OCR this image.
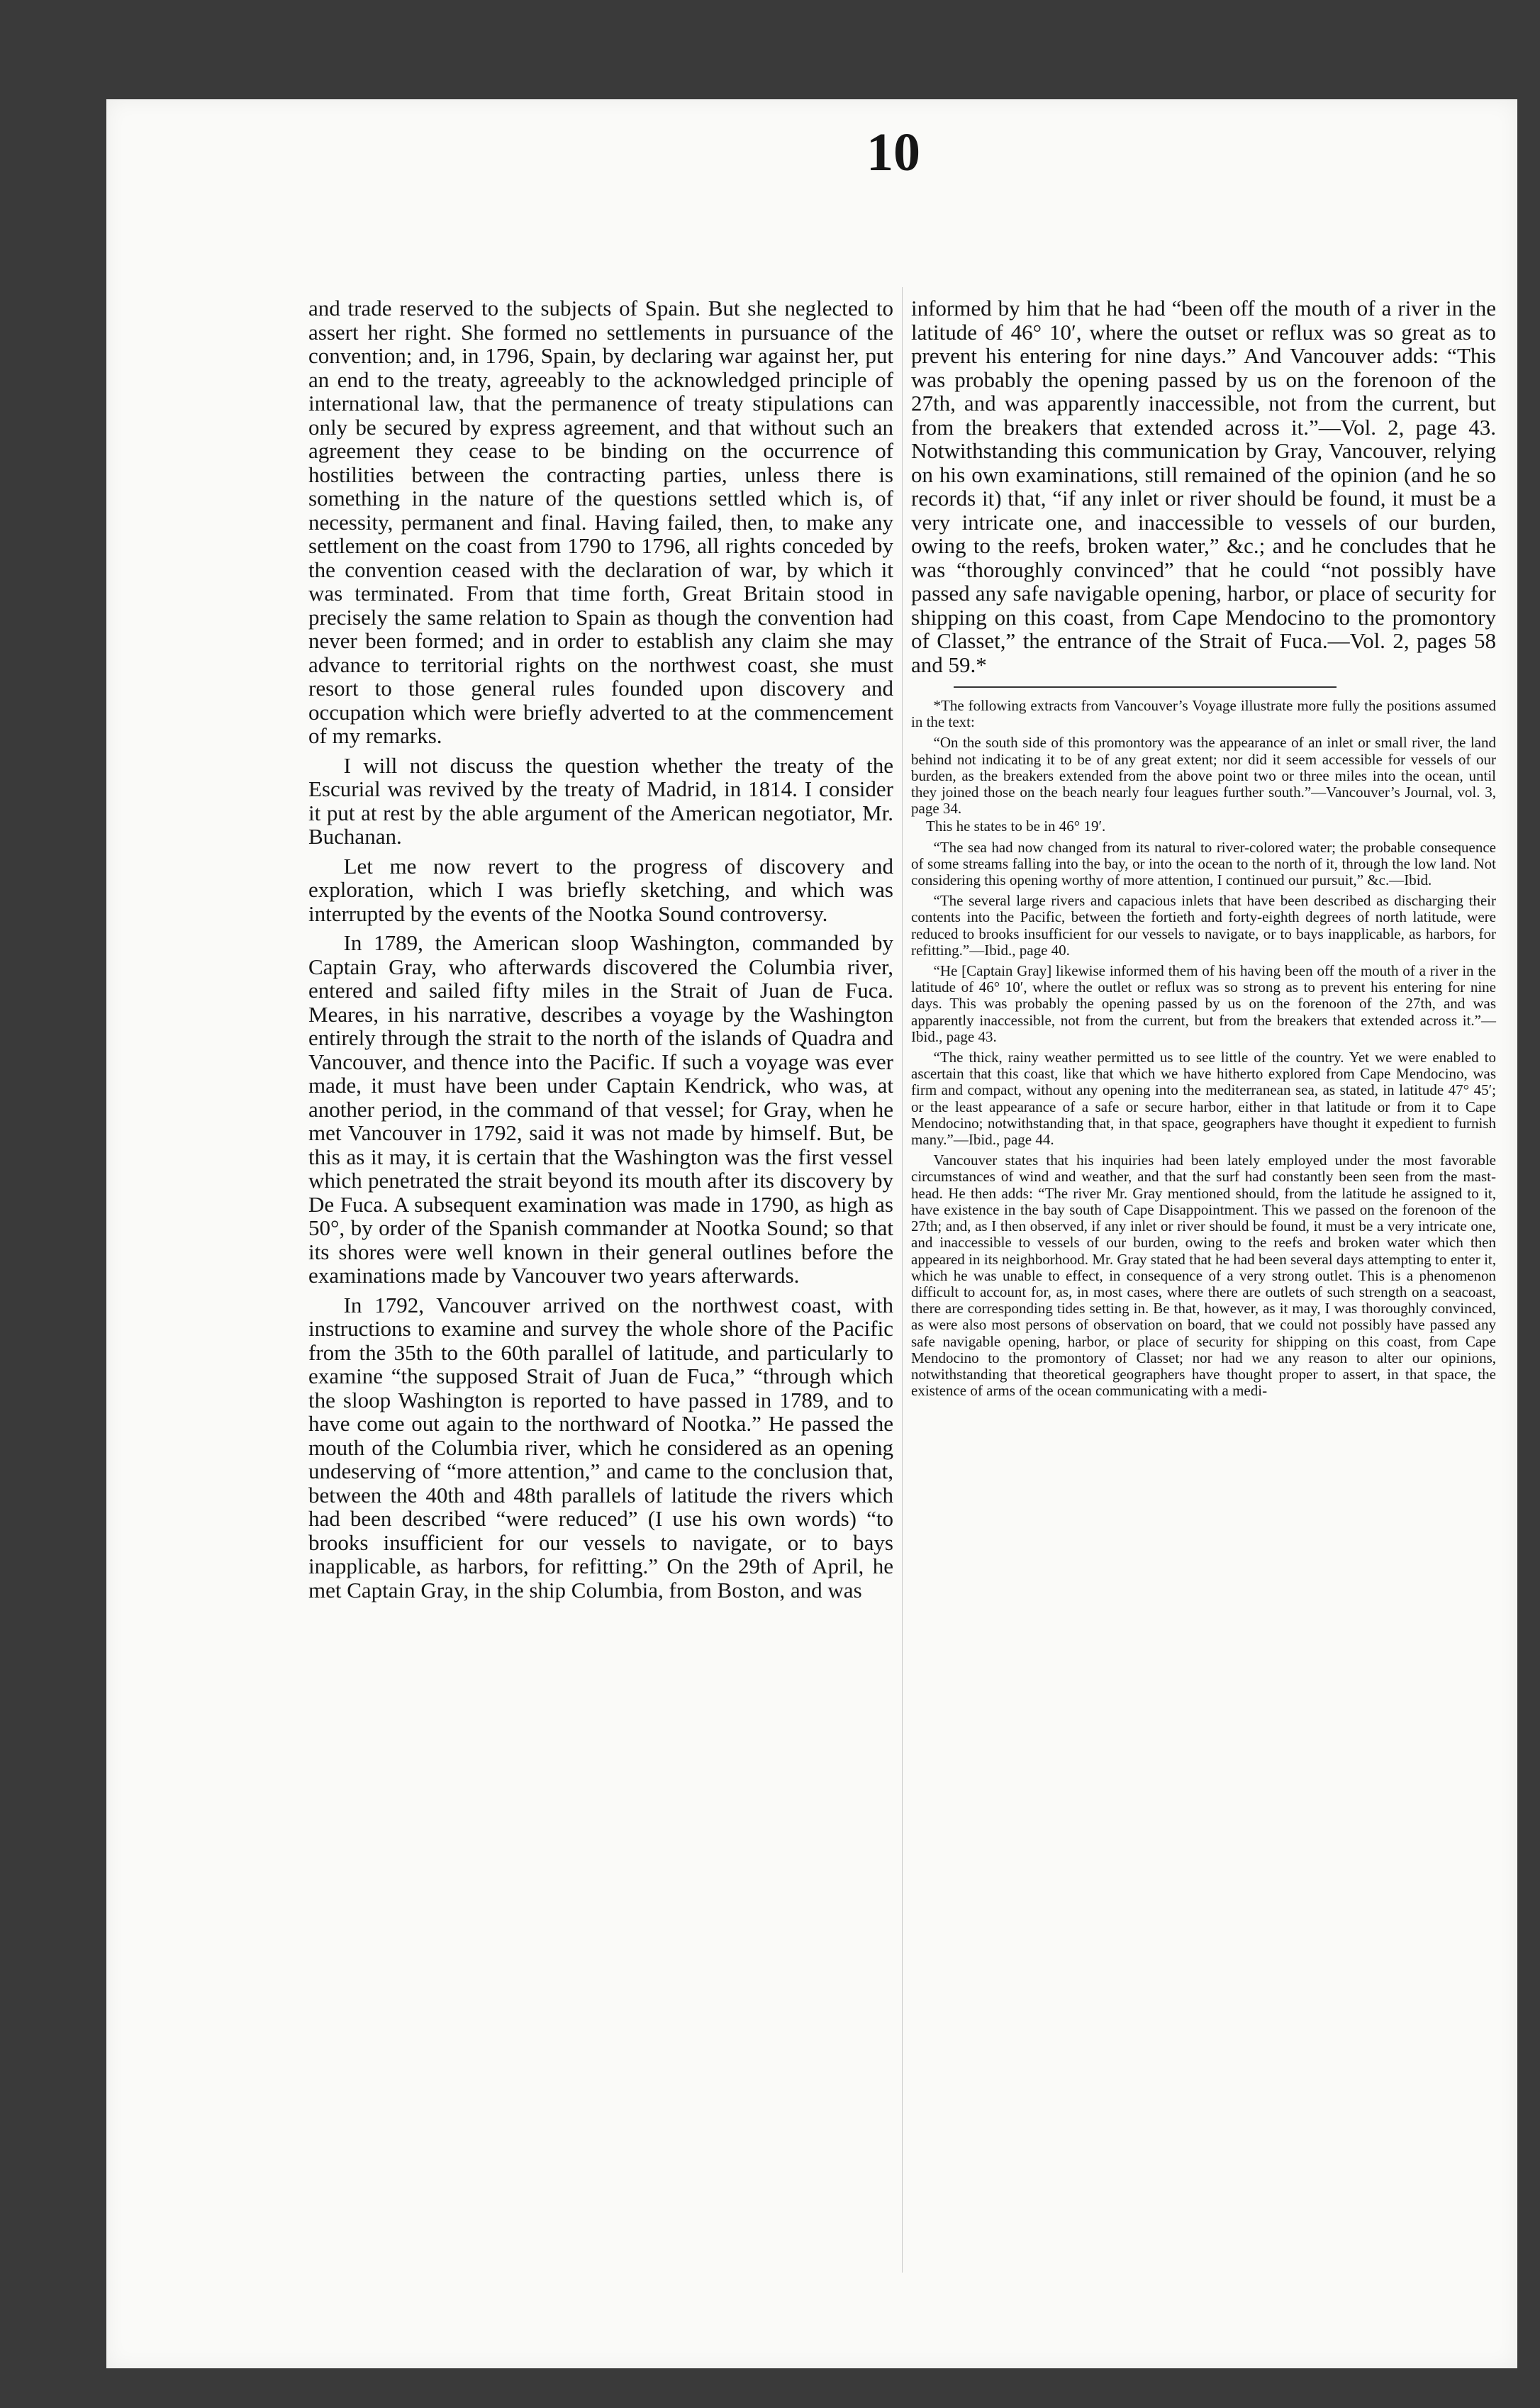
10

and trade reserved to the subjects of Spain. But she neglected to assert her right. She formed no settlements in pursuance of the convention; and, in 1796, Spain, by declaring war against her, put an end to the treaty, agreeably to the acknowledged principle of international law, that the permanence of treaty stipulations can only be secured by express agreement, and that without such an agreement they cease to be binding on the occurrence of hostilities between the contracting parties, unless there is something in the nature of the questions settled which is, of necessity, permanent and final. Having failed, then, to make any settlement on the coast from 1790 to 1796, all rights conceded by the convention ceased with the declaration of war, by which it was terminated. From that time forth, Great Britain stood in precisely the same relation to Spain as though the convention had never been formed; and in order to establish any claim she may advance to territorial rights on the northwest coast, she must resort to those general rules founded upon discovery and occupation which were briefly adverted to at the commencement of my remarks.

I will not discuss the question whether the treaty of the Escurial was revived by the treaty of Madrid, in 1814. I consider it put at rest by the able argument of the American negotiator, Mr. Buchanan.

Let me now revert to the progress of discovery and exploration, which I was briefly sketching, and which was interrupted by the events of the Nootka Sound controversy.

In 1789, the American sloop Washington, commanded by Captain Gray, who afterwards discovered the Columbia river, entered and sailed fifty miles in the Strait of Juan de Fuca. Meares, in his narrative, describes a voyage by the Washington entirely through the strait to the north of the islands of Quadra and Vancouver, and thence into the Pacific. If such a voyage was ever made, it must have been under Captain Kendrick, who was, at another period, in the command of that vessel; for Gray, when he met Vancouver in 1792, said it was not made by himself. But, be this as it may, it is certain that the Washington was the first vessel which penetrated the strait beyond its mouth after its discovery by De Fuca. A subsequent examination was made in 1790, as high as 50°, by order of the Spanish commander at Nootka Sound; so that its shores were well known in their general outlines before the examinations made by Vancouver two years afterwards.

In 1792, Vancouver arrived on the northwest coast, with instructions to examine and survey the whole shore of the Pacific from the 35th to the 60th parallel of latitude, and particularly to examine “the supposed Strait of Juan de Fuca,” “through which the sloop Washington is reported to have passed in 1789, and to have come out again to the northward of Nootka.” He passed the mouth of the Columbia river, which he considered as an opening undeserving of “more attention,” and came to the conclusion that, between the 40th and 48th parallels of latitude the rivers which had been described “were reduced” (I use his own words) “to brooks insufficient for our vessels to navigate, or to bays inapplicable, as harbors, for refitting.” On the 29th of April, he met Captain Gray, in the ship Columbia, from Boston, and was

informed by him that he had “been off the mouth of a river in the latitude of 46° 10′, where the outset or reflux was so great as to prevent his entering for nine days.” And Vancouver adds: “This was probably the opening passed by us on the forenoon of the 27th, and was apparently inaccessible, not from the current, but from the breakers that extended across it.”—Vol. 2, page 43. Notwithstanding this communication by Gray, Vancouver, relying on his own examinations, still remained of the opinion (and he so records it) that, “if any inlet or river should be found, it must be a very intricate one, and inaccessible to vessels of our burden, owing to the reefs, broken water,” &c.; and he concludes that he was “thoroughly convinced” that he could “not possibly have passed any safe navigable opening, harbor, or place of security for shipping on this coast, from Cape Mendocino to the promontory of Classet,” the entrance of the Strait of Fuca.—Vol. 2, pages 58 and 59.*

*The following extracts from Vancouver’s Voyage illustrate more fully the positions assumed in the text:

“On the south side of this promontory was the appearance of an inlet or small river, the land behind not indicating it to be of any great extent; nor did it seem accessible for vessels of our burden, as the breakers extended from the above point two or three miles into the ocean, until they joined those on the beach nearly four leagues further south.”—Vancouver’s Journal, vol. 3, page 34.

This he states to be in 46° 19′.

“The sea had now changed from its natural to river-colored water; the probable consequence of some streams falling into the bay, or into the ocean to the north of it, through the low land. Not considering this opening worthy of more attention, I continued our pursuit,” &c.—Ibid.

“The several large rivers and capacious inlets that have been described as discharging their contents into the Pacific, between the fortieth and forty-eighth degrees of north latitude, were reduced to brooks insufficient for our vessels to navigate, or to bays inapplicable, as harbors, for refitting.”—Ibid., page 40.

“He [Captain Gray] likewise informed them of his having been off the mouth of a river in the latitude of 46° 10′, where the outlet or reflux was so strong as to prevent his entering for nine days. This was probably the opening passed by us on the forenoon of the 27th, and was apparently inaccessible, not from the current, but from the breakers that extended across it.”—Ibid., page 43.

“The thick, rainy weather permitted us to see little of the country. Yet we were enabled to ascertain that this coast, like that which we have hitherto explored from Cape Mendocino, was firm and compact, without any opening into the mediterranean sea, as stated, in latitude 47° 45′; or the least appearance of a safe or secure harbor, either in that latitude or from it to Cape Mendocino; notwithstanding that, in that space, geographers have thought it expedient to furnish many.”—Ibid., page 44.

Vancouver states that his inquiries had been lately employed under the most favorable circumstances of wind and weather, and that the surf had constantly been seen from the mast-head. He then adds: “The river Mr. Gray mentioned should, from the latitude he assigned to it, have existence in the bay south of Cape Disappointment. This we passed on the forenoon of the 27th; and, as I then observed, if any inlet or river should be found, it must be a very intricate one, and inaccessible to vessels of our burden, owing to the reefs and broken water which then appeared in its neighborhood. Mr. Gray stated that he had been several days attempting to enter it, which he was unable to effect, in consequence of a very strong outlet. This is a phenomenon difficult to account for, as, in most cases, where there are outlets of such strength on a seacoast, there are corresponding tides setting in. Be that, however, as it may, I was thoroughly convinced, as were also most persons of observation on board, that we could not possibly have passed any safe navigable opening, harbor, or place of security for shipping on this coast, from Cape Mendocino to the promontory of Classet; nor had we any reason to alter our opinions, notwithstanding that theoretical geographers have thought proper to assert, in that space, the existence of arms of the ocean communicating with a medi-
